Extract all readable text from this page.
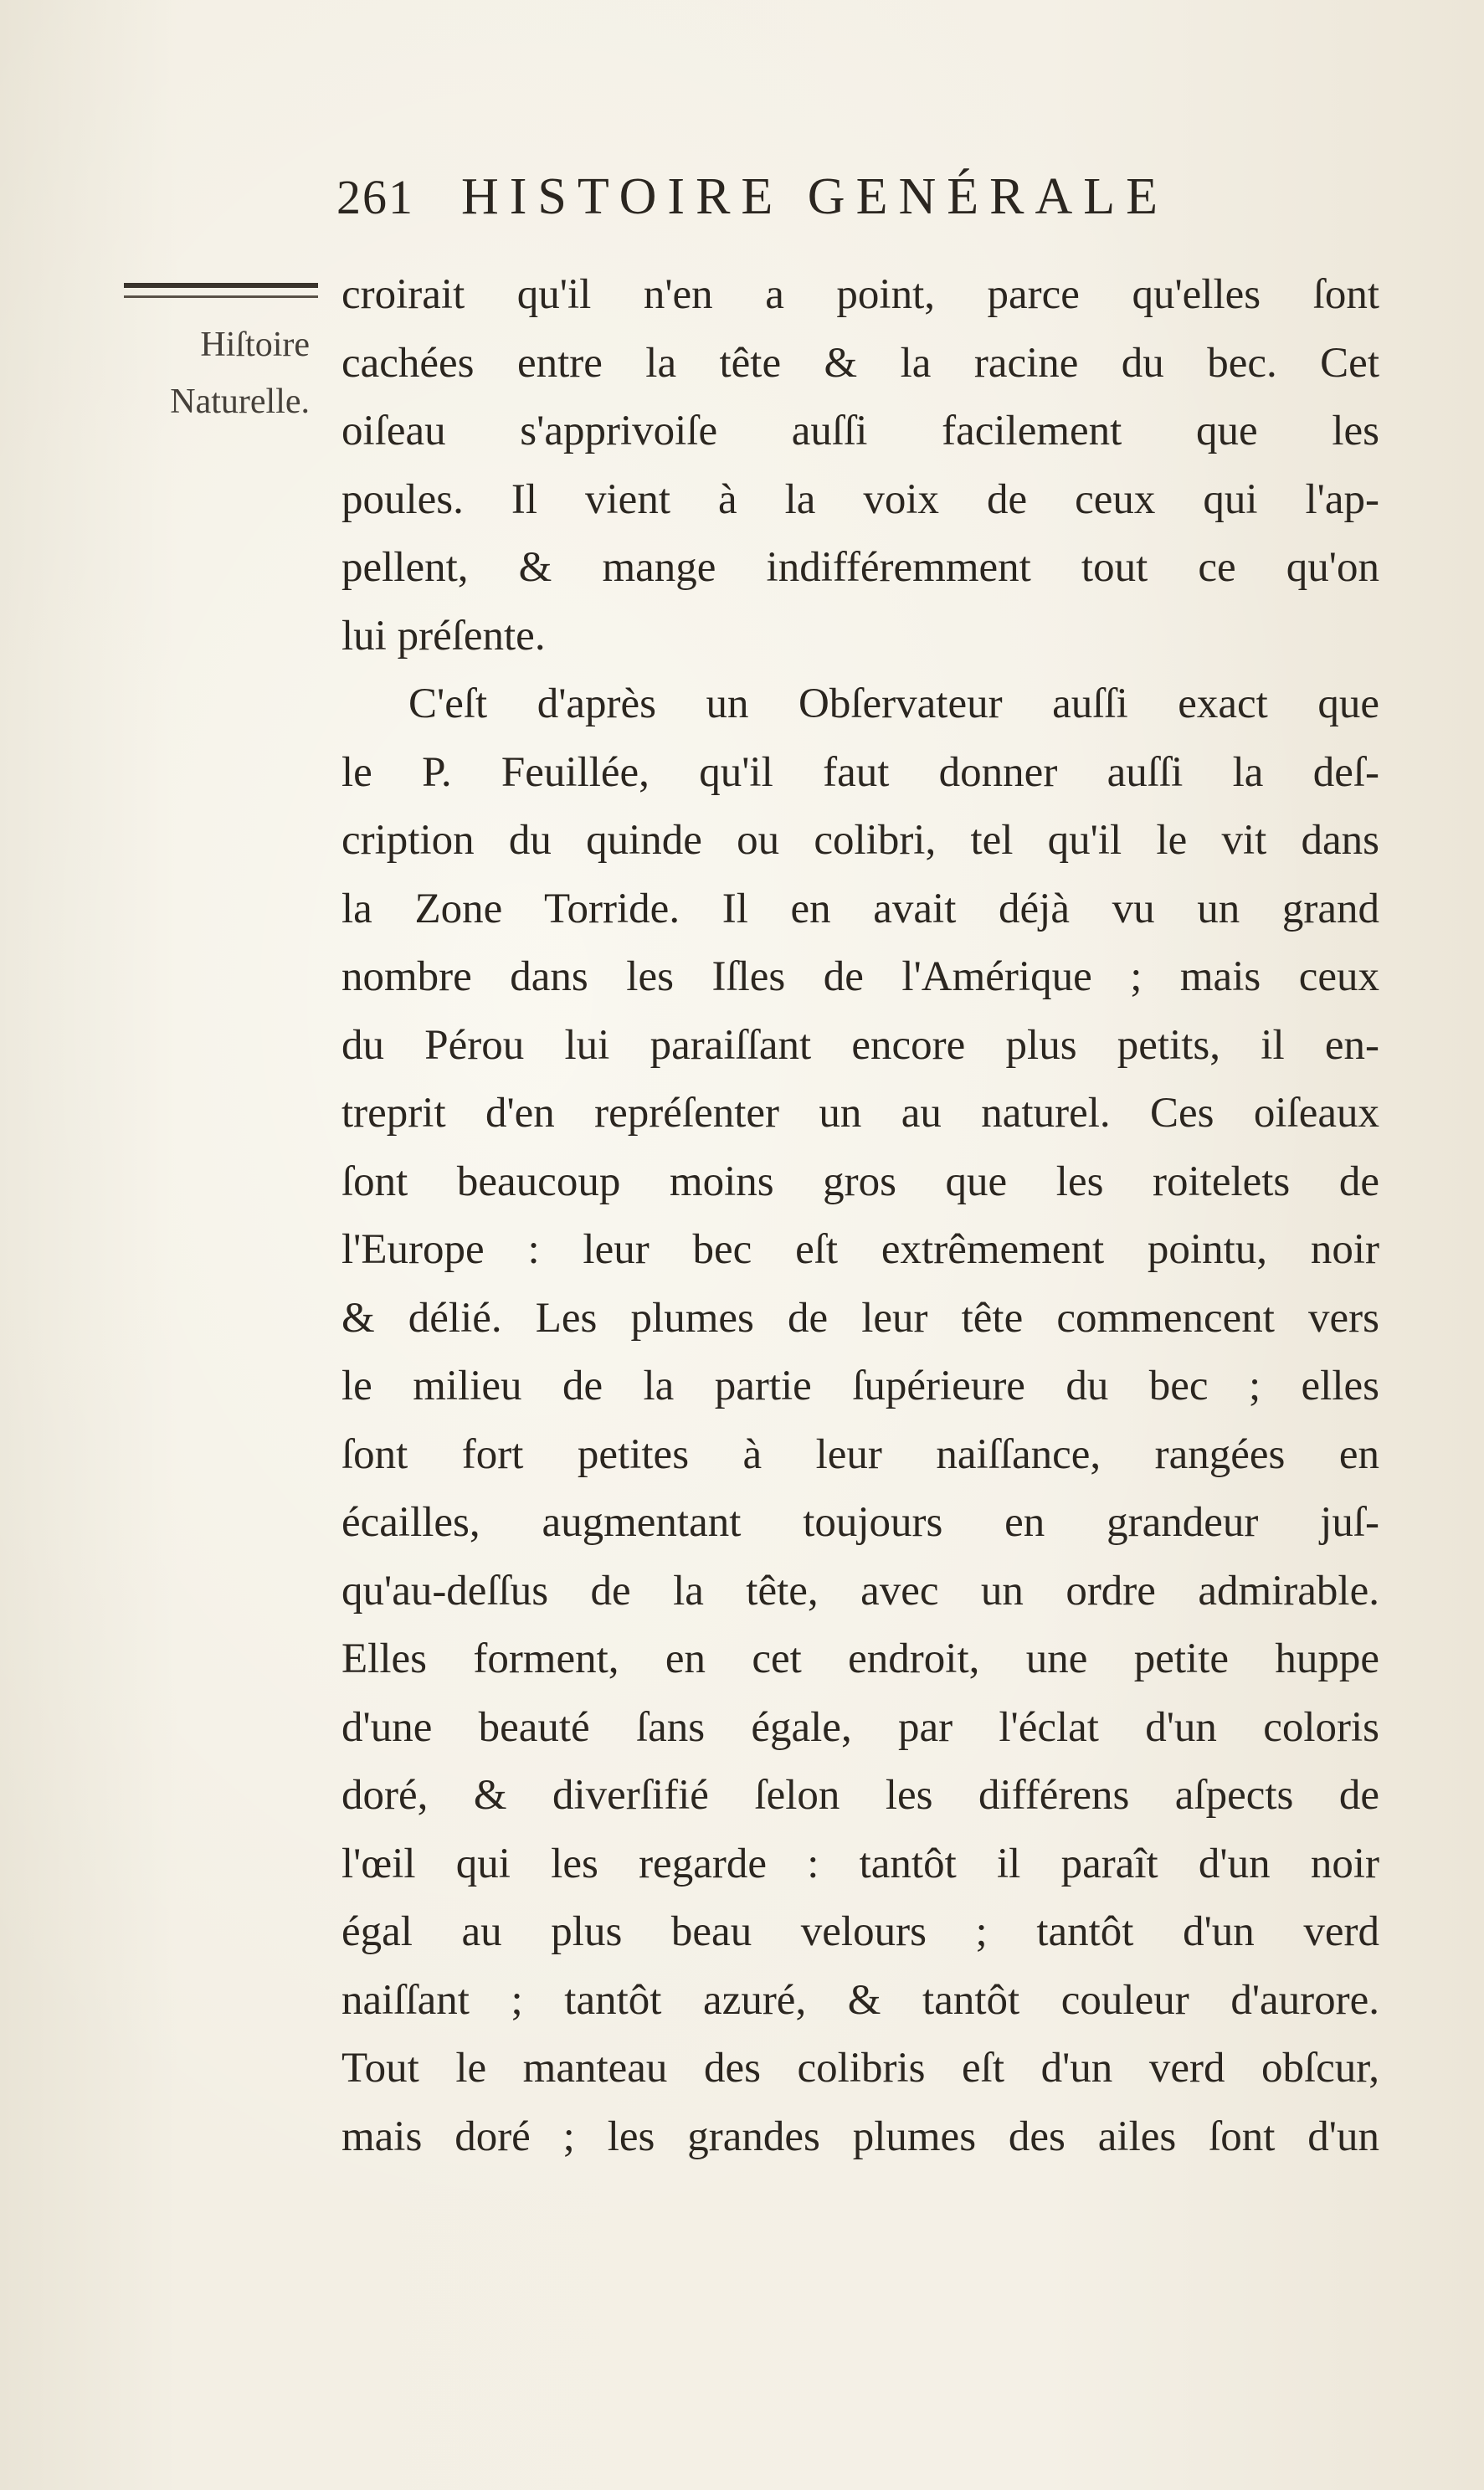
261 HISTOIRE GENÉRALE
Hiſtoire
Naturelle.
croirait qu'il n'en a point, parce qu'elles ſont
cachées entre la tête & la racine du bec. Cet
oiſeau s'apprivoiſe auſſi facilement que les
poules. Il vient à la voix de ceux qui l'ap-
pellent, & mange indifféremment tout ce qu'on
lui préſente.
C'eſt d'après un Obſervateur auſſi exact que
le P. Feuillée, qu'il faut donner auſſi la deſ-
cription du quinde ou colibri, tel qu'il le vit dans
la Zone Torride. Il en avait déjà vu un grand
nombre dans les Iſles de l'Amérique ; mais ceux
du Pérou lui paraiſſant encore plus petits, il en-
treprit d'en repréſenter un au naturel. Ces oiſeaux
ſont beaucoup moins gros que les roitelets de
l'Europe : leur bec eſt extrêmement pointu, noir
& délié. Les plumes de leur tête commencent vers
le milieu de la partie ſupérieure du bec ; elles
ſont fort petites à leur naiſſance, rangées en
écailles, augmentant toujours en grandeur juſ-
qu'au-deſſus de la tête, avec un ordre admirable.
Elles forment, en cet endroit, une petite huppe
d'une beauté ſans égale, par l'éclat d'un coloris
doré, & diverſifié ſelon les différens aſpects de
l'œil qui les regarde : tantôt il paraît d'un noir
égal au plus beau velours ; tantôt d'un verd
naiſſant ; tantôt azuré, & tantôt couleur d'aurore.
Tout le manteau des colibris eſt d'un verd obſcur,
mais doré ; les grandes plumes des ailes ſont d'un
